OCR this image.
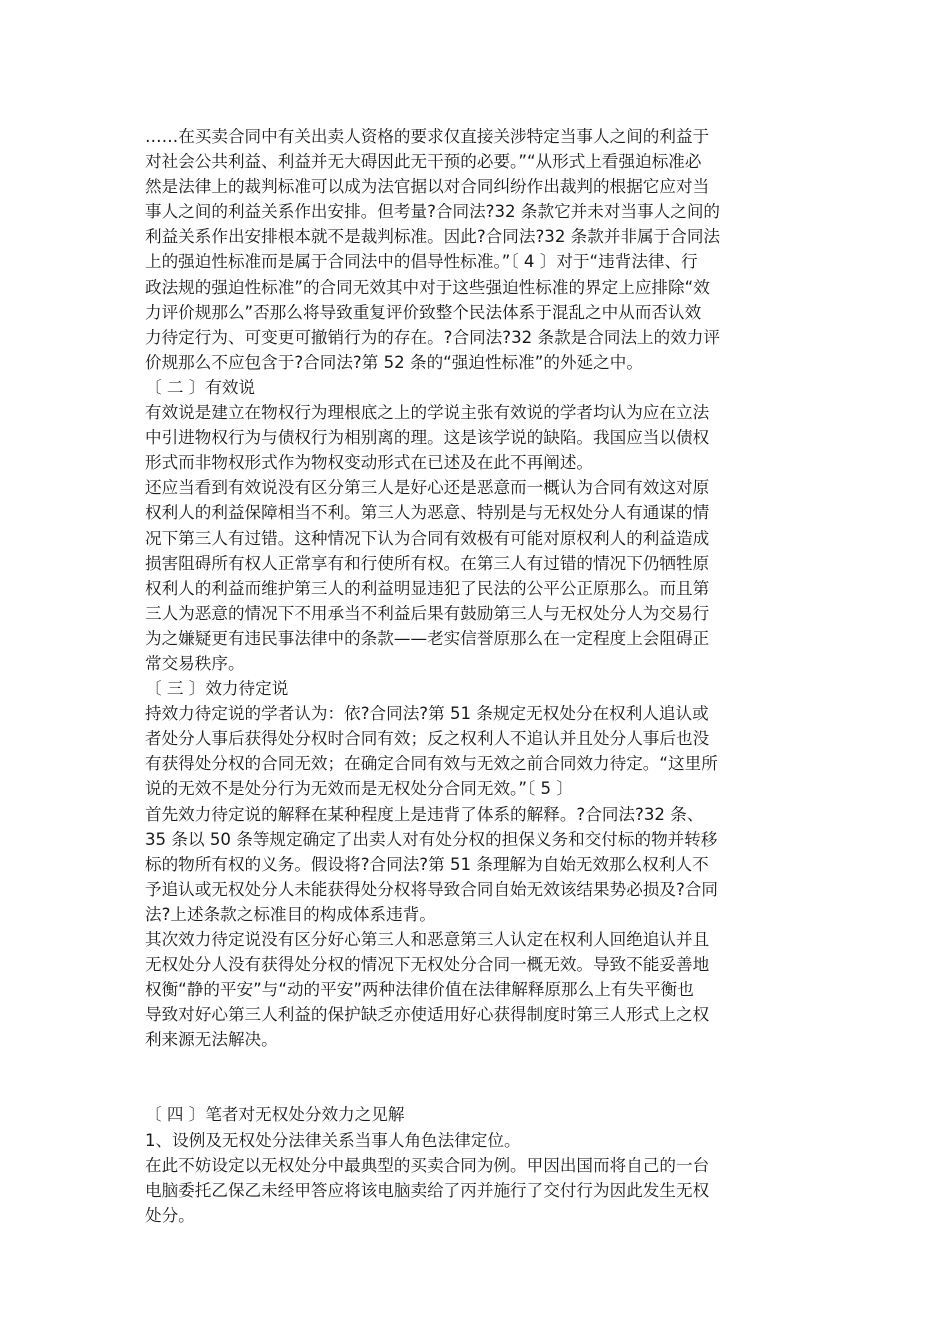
……在买卖合同中有关出卖人资格的要求仅直接关涉特定当事人之间的利益于

对社会公共利益、利益并无大碍因此无干预的必要。”“从形式上看强迫标准必

然是法律上的裁判标准可以成为法官据以对合同纠纷作出裁判的根据它应对当

事人之间的利益关系作出安排。但考量?合同法?32 条款它并未对当事人之间的

利益关系作出安排根本就不是裁判标准。因此?合同法?32 条款并非属于合同法

上的强迫性标准而是属于合同法中的倡导性标准。”〔 4 〕对于“违背法律、行

政法规的强迫性标准”的合同无效其中对于这些强迫性标准的界定上应排除“效

力评价规那么”否那么将导致重复评价致整个民法体系于混乱之中从而否认效

力待定行为、可变更可撤销行为的存在。?合同法?32 条款是合同法上的效力评

价规那么不应包含于?合同法?第 52 条的“强迫性标准”的外延之中。

〔 二 〕有效说

有效说是建立在物权行为理根底之上的学说主张有效说的学者均认为应在立法

中引进物权行为与债权行为相别离的理。这是该学说的缺陷。我国应当以债权

形式而非物权形式作为物权变动形式在已述及在此不再阐述。

还应当看到有效说没有区分第三人是好心还是恶意而一概认为合同有效这对原

权利人的利益保障相当不利。第三人为恶意、特别是与无权处分人有通谋的情

况下第三人有过错。这种情况下认为合同有效极有可能对原权利人的利益造成

损害阻碍所有权人正常享有和行使所有权。在第三人有过错的情况下仍牺牲原

权利人的利益而维护第三人的利益明显违犯了民法的公平公正原那么。而且第

三人为恶意的情况下不用承当不利益后果有鼓励第三人与无权处分人为交易行

为之嫌疑更有违民事法律中的条款——老实信誉原那么在一定程度上会阻碍正

常交易秩序。

〔 三 〕效力待定说

持效力待定说的学者认为：依?合同法?第 51 条规定无权处分在权利人追认或

者处分人事后获得处分权时合同有效；反之权利人不追认并且处分人事后也没

有获得处分权的合同无效；在确定合同有效与无效之前合同效力待定。“这里所

说的无效不是处分行为无效而是无权处分合同无效。”〔 5 〕

首先效力待定说的解释在某种程度上是违背了体系的解释。?合同法?32 条、

35 条以 50 条等规定确定了出卖人对有处分权的担保义务和交付标的物并转移

标的物所有权的义务。假设将?合同法?第 51 条理解为自始无效那么权利人不

予追认或无权处分人未能获得处分权将导致合同自始无效该结果势必损及?合同

法?上述条款之标准目的构成体系违背。

其次效力待定说没有区分好心第三人和恶意第三人认定在权利人回绝追认并且

无权处分人没有获得处分权的情况下无权处分合同一概无效。导致不能妥善地

权衡“静的平安”与“动的平安”两种法律价值在法律解释原那么上有失平衡也

导致对好心第三人利益的保护缺乏亦使适用好心获得制度时第三人形式上之权

利来源无法解决。

〔 四 〕笔者对无权处分效力之见解

1、设例及无权处分法律关系当事人角色法律定位。

在此不妨设定以无权处分中最典型的买卖合同为例。甲因出国而将自己的一台

电脑委托乙保乙未经甲答应将该电脑卖给了丙并施行了交付行为因此发生无权

处分。
